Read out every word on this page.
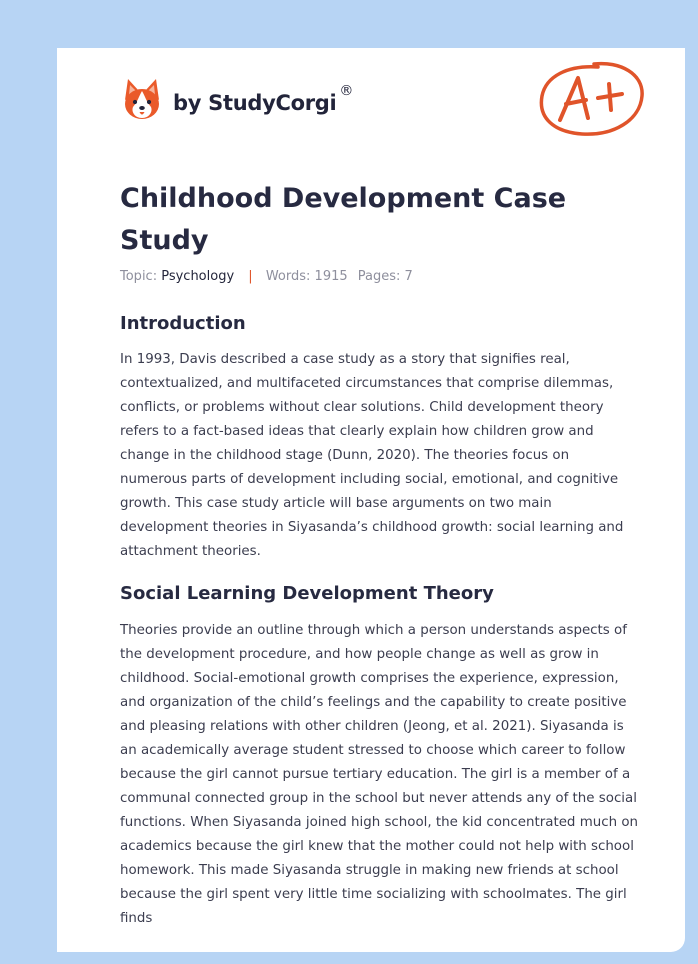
by StudyCorgi ®
Childhood Development Case Study
Topic: Psychology | Words: 1915 Pages: 7
Introduction

In 1993, Davis described a case study as a story that signifies real, contextualized, and multifaceted circumstances that comprise dilemmas, conflicts, or problems without clear solutions. Child development theory refers to a fact-based ideas that clearly explain how children grow and change in the childhood stage (Dunn, 2020). The theories focus on numerous parts of development including social, emotional, and cognitive growth. This case study article will base arguments on two main development theories in Siyasanda’s childhood growth: social learning and attachment theories.

Social Learning Development Theory

Theories provide an outline through which a person understands aspects of the development procedure, and how people change as well as grow in childhood. Social-emotional growth comprises the experience, expression, and organization of the child’s feelings and the capability to create positive and pleasing relations with other children (Jeong, et al. 2021). Siyasanda is an academically average student stressed to choose which career to follow because the girl cannot pursue tertiary education. The girl is a member of a communal connected group in the school but never attends any of the social functions. When Siyasanda joined high school, the kid concentrated much on academics because the girl knew that the mother could not help with school homework. This made Siyasanda struggle in making new friends at school because the girl spent very little time socializing with schoolmates. The girl finds
